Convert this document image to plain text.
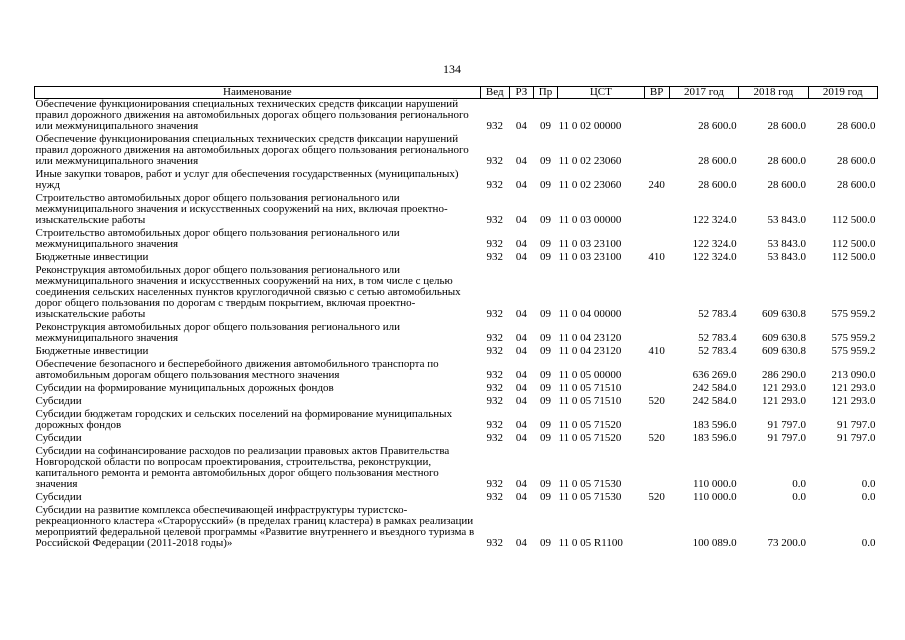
134
Наименование	Вед	РЗ	Пр	ЦСТ	ВР	2017 год	2018 год	2019 год
Обеспечение функционирования специальных технических средств фиксации нарушений правил дорожного движения на автомобильных дорогах общего пользования регионального или межмуниципального значения	932	04	09	11 0 02 00000		28 600.0	28 600.0	28 600.0
Обеспечение функционирования специальных технических средств фиксации нарушений правил дорожного движения на автомобильных дорогах общего пользования регионального или межмуниципального значения	932	04	09	11 0 02 23060		28 600.0	28 600.0	28 600.0
Иные закупки товаров, работ и услуг для обеспечения государственных (муниципальных) нужд	932	04	09	11 0 02 23060	240	28 600.0	28 600.0	28 600.0
Строительство автомобильных дорог общего пользования регионального или межмуниципального значения и искусственных сооружений на них, включая проектно-изыскательские работы	932	04	09	11 0 03 00000		122 324.0	53 843.0	112 500.0
Строительство автомобильных дорог общего пользования регионального или межмуниципального значения	932	04	09	11 0 03 23100		122 324.0	53 843.0	112 500.0
Бюджетные инвестиции	932	04	09	11 0 03 23100	410	122 324.0	53 843.0	112 500.0
Реконструкция автомобильных дорог общего пользования регионального или межмуниципального значения и искусственных сооружений на них, в том числе с целью соединения сельских населенных пунктов круглогодичной связью с сетью автомобильных дорог общего пользования по дорогам с твердым покрытием, включая проектно-изыскательские работы	932	04	09	11 0 04 00000		52 783.4	609 630.8	575 959.2
Реконструкция автомобильных дорог общего пользования регионального или межмуниципального значения	932	04	09	11 0 04 23120		52 783.4	609 630.8	575 959.2
Бюджетные инвестиции	932	04	09	11 0 04 23120	410	52 783.4	609 630.8	575 959.2
Обеспечение безопасного и бесперебойного движения автомобильного транспорта по автомобильным дорогам общего пользования местного значения	932	04	09	11 0 05 00000		636 269.0	286 290.0	213 090.0
Субсидии на формирование муниципальных дорожных фондов	932	04	09	11 0 05 71510		242 584.0	121 293.0	121 293.0
Субсидии	932	04	09	11 0 05 71510	520	242 584.0	121 293.0	121 293.0
Субсидии бюджетам городских и сельских поселений на формирование муниципальных дорожных фондов	932	04	09	11 0 05 71520		183 596.0	91 797.0	91 797.0
Субсидии	932	04	09	11 0 05 71520	520	183 596.0	91 797.0	91 797.0
Субсидии на софинансирование расходов по реализации правовых актов Правительства Новгородской области по вопросам проектирования, строительства, реконструкции, капитального ремонта и ремонта автомобильных дорог общего пользования местного значения	932	04	09	11 0 05 71530		110 000.0	0.0	0.0
Субсидии	932	04	09	11 0 05 71530	520	110 000.0	0.0	0.0
Субсидии на развитие комплекса обеспечивающей инфраструктуры туристско-рекреационного кластера «Старорусский» (в пределах границ кластера) в рамках реализации мероприятий федеральной целевой программы «Развитие внутреннего и въездного туризма в Российской Федерации (2011-2018 годы)»	932	04	09	11 0 05 R1100		100 089.0	73 200.0	0.0
